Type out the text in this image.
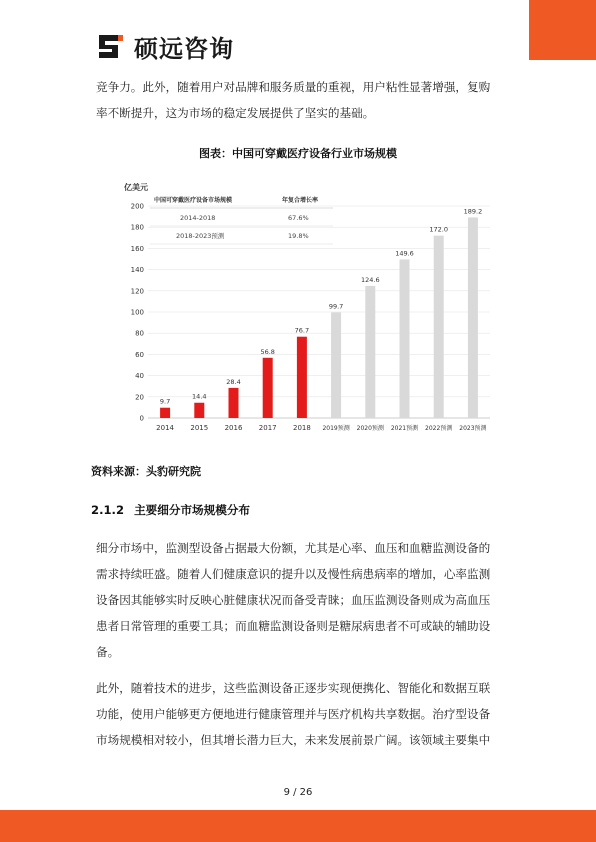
硕远咨询

竞争力。此外，随着用户对品牌和服务质量的重视，用户粘性显著增强，复购
率不断提升，这为市场的稳定发展提供了坚实的基础。

图表：中国可穿戴医疗设备行业市场规模
亿美元
0
20
40
60
80
100
120
140
160
180
200
9.7
14.4
28.4
56.8
76.7
99.7
124.6
149.6
172.0
189.2
2014 2015 2016 2017 2018 2019预测 2020预测 2021预测 2022预测 2023预测
中国可穿戴医疗设备市场规模	年复合增长率
2014-2018	67.6%
2018-2023预测	19.8%
资料来源：头豹研究院
2.1.2 主要细分市场规模分布

细分市场中，监测型设备占据最大份额，尤其是心率、血压和血糖监测设备的
需求持续旺盛。随着人们健康意识的提升以及慢性病患病率的增加，心率监测
设备因其能够实时反映心脏健康状况而备受青睐；血压监测设备则成为高血压
患者日常管理的重要工具；而血糖监测设备则是糖尿病患者不可或缺的辅助设
备。

此外，随着技术的进步，这些监测设备正逐步实现便携化、智能化和数据互联
功能，使用户能够更方便地进行健康管理并与医疗机构共享数据。治疗型设备
市场规模相对较小，但其增长潜力巨大，未来发展前景广阔。该领域主要集中

9 / 26
